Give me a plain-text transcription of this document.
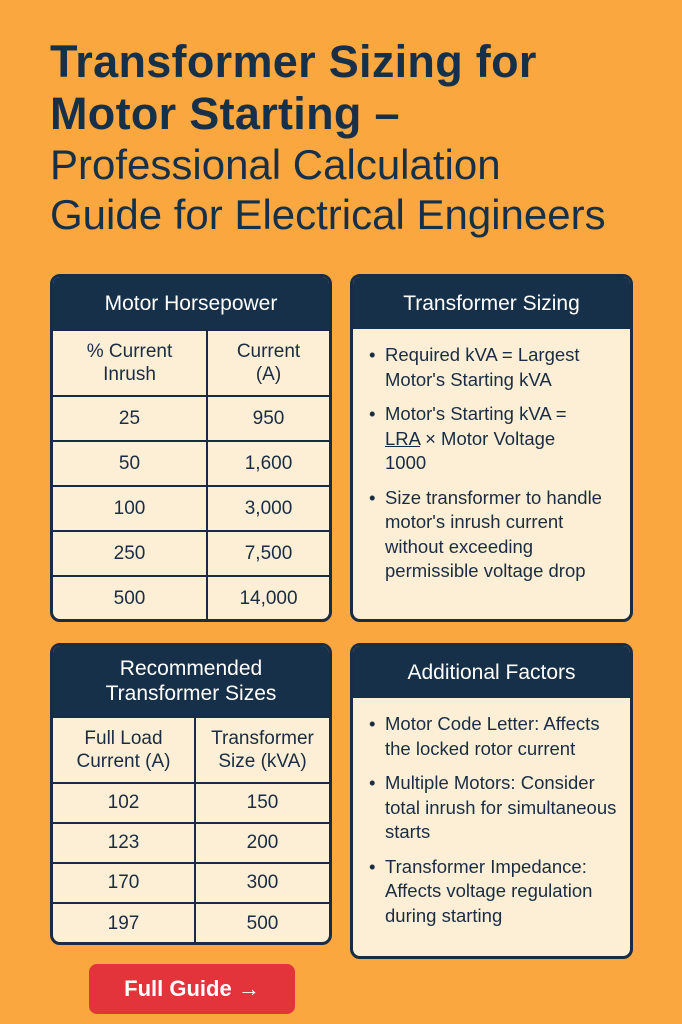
Transformer Sizing for
Motor Starting –
Professional Calculation
Guide for Electrical Engineers
Motor Horsepower
% Current Inrush	Current (A)
25	950
50	1,600
100	3,000
250	7,500
500	14,000
Transformer Sizing
• Required kVA = Largest Motor's Starting kVA
• Motor's Starting kVA =
LRA × Motor Voltage
1000
• Size transformer to handle motor's inrush current without exceeding permissible voltage drop
Recommended Transformer Sizes
Full Load Current (A)	Transformer Size (kVA)
102	150
123	200
170	300
197	500
Additional Factors
• Motor Code Letter: Affects the locked rotor current
• Multiple Motors: Consider total inrush for simultaneous starts
• Transformer Impedance: Affects voltage regulation during starting
Full Guide →
